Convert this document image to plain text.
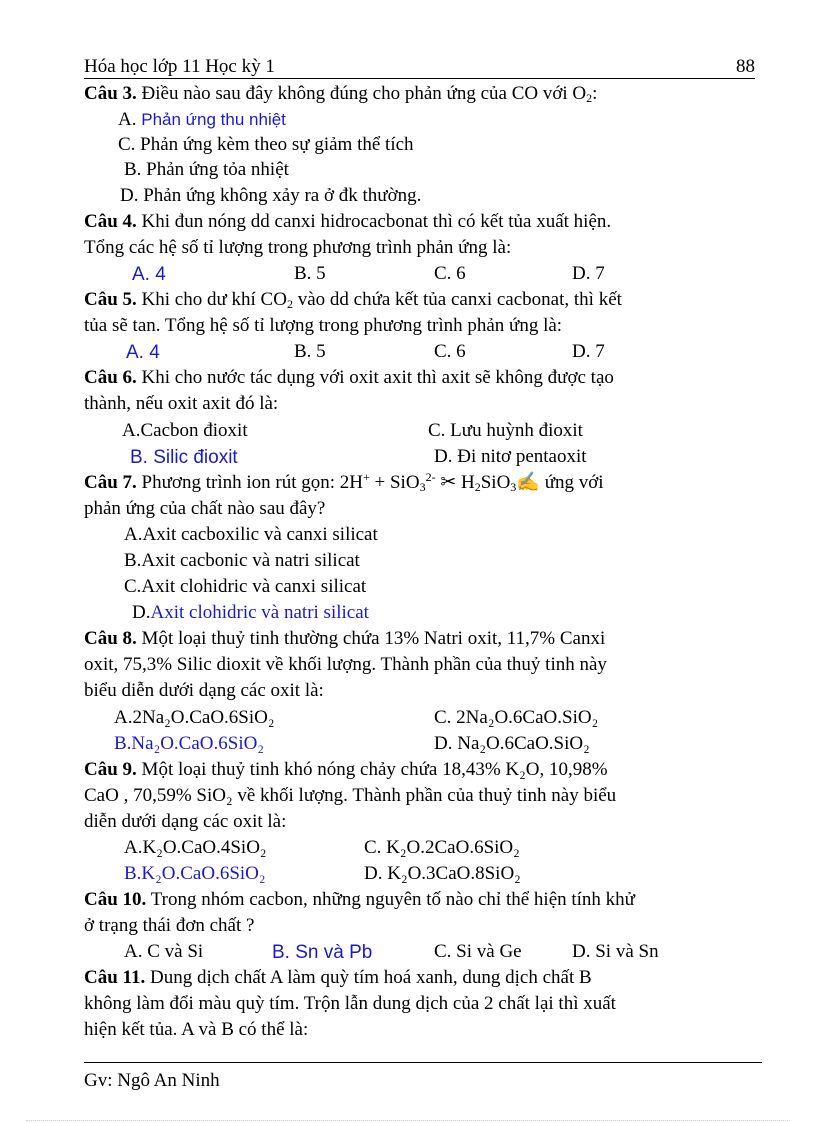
Hóa học lớp 11 Học kỳ 1	88
Câu 3. Điều nào sau đây không đúng cho phản ứng của CO với $O_2$:
A. Phản ứng thu nhiệt
C. Phản ứng kèm theo sự giảm thể tích
B. Phản ứng tỏa nhiệt
D. Phản ứng không xảy ra ở đk thường.
Câu 4. Khi đun nóng dd canxi hidrocacbonat thì có kết tủa xuất hiện.
Tổng các hệ số tỉ lượng trong phương trình phản ứng là:
A. 4	B. 5	C. 6	D. 7
Câu 5. Khi cho dư khí $CO_2$ vào dd chứa kết tủa canxi cacbonat, thì kết
tủa sẽ tan. Tổng hệ số tỉ lượng trong phương trình phản ứng là:
A. 4	B. 5	C. 6	D. 7
Câu 6. Khi cho nước tác dụng với oxit axit thì axit sẽ không được tạo
thành, nếu oxit axit đó là:
A.Cacbon đioxit	C. Lưu huỳnh đioxit
B. Silic đioxit	D. Đi nitơ pentaoxit
Câu 7. Phương trình ion rút gọn: 2H+ + SiO$_3^{2-}$ ✂ $H_2SiO_3✍$ ứng với
phản ứng của chất nào sau đây?
A.Axit cacboxilic và canxi silicat
B.Axit cacbonic và natri silicat
C.Axit clohidric và canxi silicat
D.Axit clohidric và natri silicat
Câu 8. Một loại thuỷ tinh thường chứa 13% Natri oxit, 11,7% Canxi
oxit, 75,3% Silic dioxit về khối lượng. Thành phần của thuỷ tinh này
biểu diễn dưới dạng các oxit là:
A.2Na₂O.CaO.6SiO₂	C. 2Na₂O.6CaO.SiO₂
B.Na₂O.CaO.6SiO₂	D. Na₂O.6CaO.SiO₂
Câu 9. Một loại thuỷ tinh khó nóng chảy chứa 18,43% K₂O, 10,98%
CaO , 70,59% SiO₂ về khối lượng. Thành phần của thuỷ tinh này biểu
diễn dưới dạng các oxit là:
A.K₂O.CaO.4SiO₂	C. K₂O.2CaO.6SiO₂
B.K₂O.CaO.6SiO₂	D. K₂O.3CaO.8SiO₂
Câu 10. Trong nhóm cacbon, những nguyên tố nào chỉ thể hiện tính khử
ở trạng thái đơn chất ?
A. C và Si	B. Sn và Pb	C. Si và Ge	D. Si và Sn
Câu 11. Dung dịch chất A làm quỳ tím hoá xanh, dung dịch chất B
không làm đổi màu quỳ tím. Trộn lẫn dung dịch của 2 chất lại thì xuất
hiện kết tủa. A và B có thể là:
Gv: Ngô An Ninh
